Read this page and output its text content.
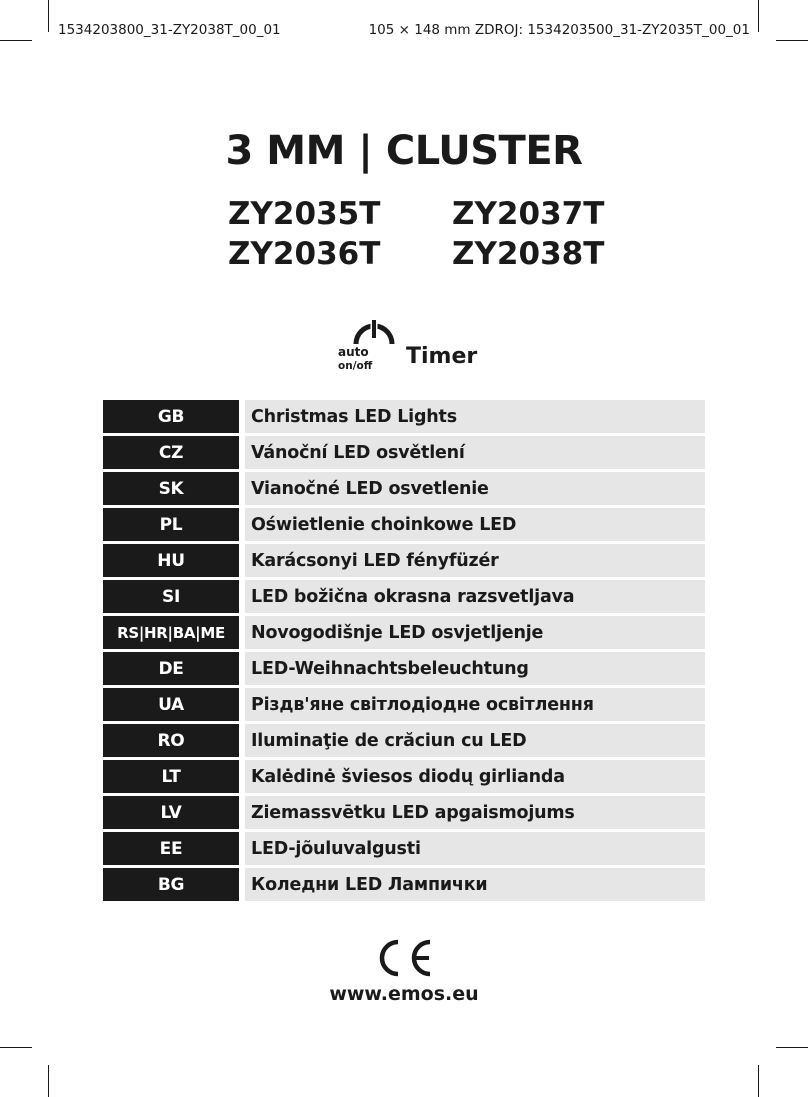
1534203800_31-ZY2038T_00_01	105 × 148 mm ZDROJ: 1534203500_31-ZY2035T_00_01
3 MM | CLUSTER
ZY2035T ZY2037T
ZY2036T ZY2038T
auto
on/off Timer
GB	Christmas LED Lights
CZ	Vánoční LED osvětlení
SK	Vianočné LED osvetlenie
PL	Oświetlenie choinkowe LED
HU	Karácsonyi LED fényfüzér
SI	LED božična okrasna razsvetljava
RS|HR|BA|ME	Novogodišnje LED osvjetljenje
DE	LED-Weihnachtsbeleuchtung
UA	Різдв'яне світлодіодне освітлення
RO	Iluminaţie de crăciun cu LED
LT	Kalėdinė šviesos diodų girlianda
LV	Ziemassvētku LED apgaismojums
EE	LED-jõuluvalgusti
BG	Коледни LED Лампички
www.emos.eu
